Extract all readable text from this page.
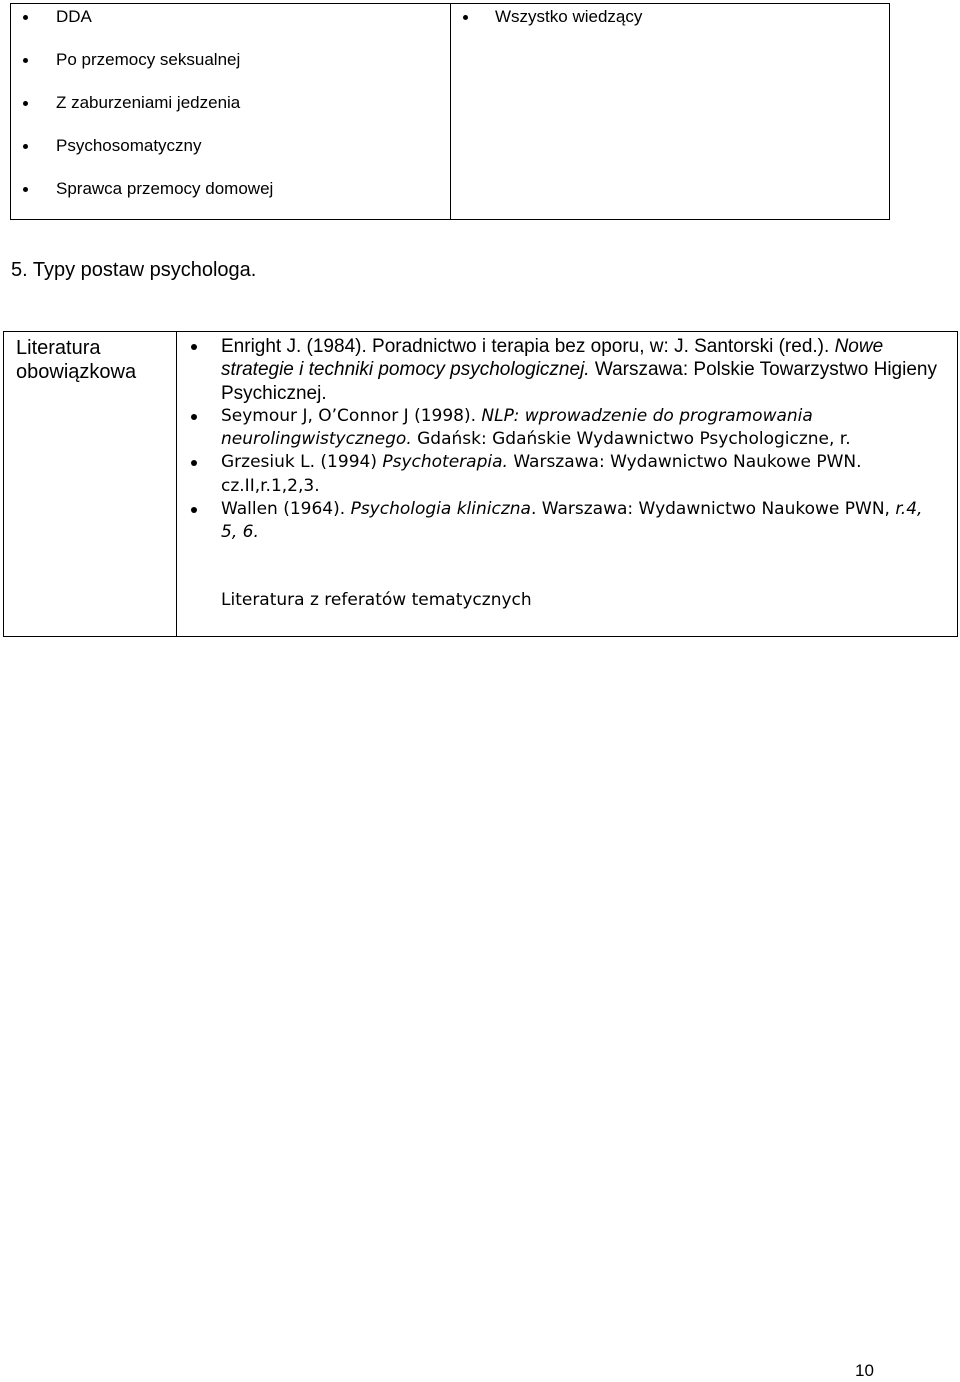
DDA
Po przemocy seksualnej
Z zaburzeniami jedzenia
Psychosomatyczny
Sprawca przemocy domowej
Wszystko wiedzący
5. Typy postaw psychologa.
Literatura
obowiązkowa
Enright J. (1984). Poradnictwo i terapia bez oporu, w: J. Santorski (red.). Nowe strategie i techniki pomocy psychologicznej. Warszawa: Polskie Towarzystwo Higieny Psychicznej.
Seymour J, O’Connor J (1998). NLP: wprowadzenie do programowania neurolingwistycznego. Gdańsk: Gdańskie Wydawnictwo Psychologiczne, r.
Grzesiuk L. (1994) Psychoterapia. Warszawa: Wydawnictwo Naukowe PWN. cz.II,r.1,2,3.
Wallen (1964). Psychologia kliniczna. Warszawa: Wydawnictwo Naukowe PWN, r.4, 5, 6.
Literatura z referatów tematycznych
10
